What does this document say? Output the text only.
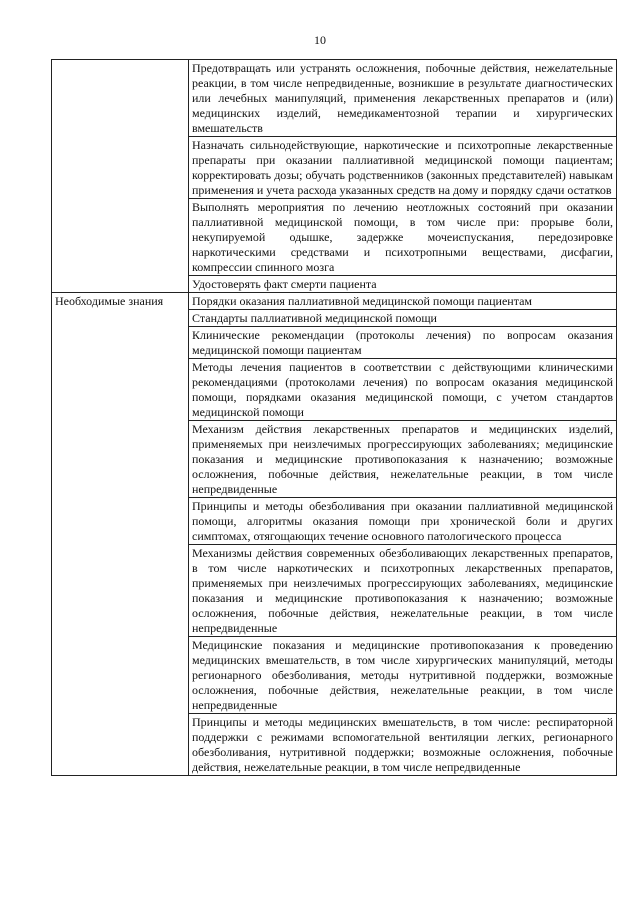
10
	Предотвращать или устранять осложнения, побочные действия, нежелательные реакции, в том числе непредвиденные, возникшие в результате диагностических или лечебных манипуляций, применения лекарственных препаратов и (или) медицинских изделий, немедикаментозной терапии и хирургических вмешательств
	Назначать сильнодействующие, наркотические и психотропные лекарственные препараты при оказании паллиативной медицинской помощи пациентам; корректировать дозы; обучать родственников (законных представителей) навыкам применения и учета расхода указанных средств на дому и порядку сдачи остатков
	Выполнять мероприятия по лечению неотложных состояний при оказании паллиативной медицинской помощи, в том числе при: прорыве боли, некупируемой одышке, задержке мочеиспускания, передозировке наркотическими средствами и психотропными веществами, дисфагии, компрессии спинного мозга
	Удостоверять факт смерти пациента
Необходимые знания	Порядки оказания паллиативной медицинской помощи пациентам
	Стандарты паллиативной медицинской помощи
	Клинические рекомендации (протоколы лечения) по вопросам оказания медицинской помощи пациентам
	Методы лечения пациентов в соответствии с действующими клиническими рекомендациями (протоколами лечения) по вопросам оказания медицинской помощи, порядками оказания медицинской помощи, с учетом стандартов медицинской помощи
	Механизм действия лекарственных препаратов и медицинских изделий, применяемых при неизлечимых прогрессирующих заболеваниях; медицинские показания и медицинские противопоказания к назначению; возможные осложнения, побочные действия, нежелательные реакции, в том числе непредвиденные
	Принципы и методы обезболивания при оказании паллиативной медицинской помощи, алгоритмы оказания помощи при хронической боли и других симптомах, отягощающих течение основного патологического процесса
	Механизмы действия современных обезболивающих лекарственных препаратов, в том числе наркотических и психотропных лекарственных препаратов, применяемых при неизлечимых прогрессирующих заболеваниях, медицинские показания и медицинские противопоказания к назначению; возможные осложнения, побочные действия, нежелательные реакции, в том числе непредвиденные
	Медицинские показания и медицинские противопоказания к проведению медицинских вмешательств, в том числе хирургических манипуляций, методы регионарного обезболивания, методы нутритивной поддержки, возможные осложнения, побочные действия, нежелательные реакции, в том числе непредвиденные
	Принципы и методы медицинских вмешательств, в том числе: респираторной поддержки с режимами вспомогательной вентиляции легких, регионарного обезболивания, нутритивной поддержки; возможные осложнения, побочные действия, нежелательные реакции, в том числе непредвиденные
